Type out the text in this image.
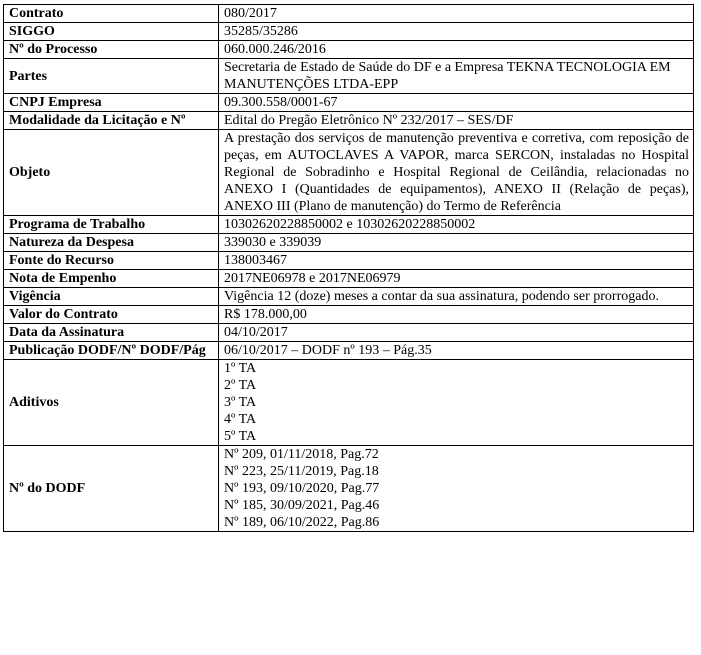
Contrato	080/2017
SIGGO	35285/35286
Nº do Processo	060.000.246/2016
Partes	Secretaria de Estado de Saúde do DF e a Empresa TEKNA TECNOLOGIA EM MANUTENÇÕES LTDA-EPP
CNPJ Empresa	09.300.558/0001-67
Modalidade da Licitação e Nº	Edital do Pregão Eletrônico Nº 232/2017 – SES/DF
Objeto	A prestação dos serviços de manutenção preventiva e corretiva, com reposição de peças, em AUTOCLAVES A VAPOR, marca SERCON, instaladas no Hospital Regional de Sobradinho e Hospital Regional de Ceilândia, relacionadas no ANEXO I (Quantidades de equipamentos), ANEXO II (Relação de peças), ANEXO III (Plano de manutenção) do Termo de Referência
Programa de Trabalho	10302620228850002 e 10302620228850002
Natureza da Despesa	339030 e 339039
Fonte do Recurso	138003467
Nota de Empenho	2017NE06978 e 2017NE06979
Vigência	Vigência 12 (doze) meses a contar da sua assinatura, podendo ser prorrogado.
Valor do Contrato	R$ 178.000,00
Data da Assinatura	04/10/2017
Publicação DODF/Nº DODF/Pág	06/10/2017 – DODF nº 193 – Pág.35
Aditivos	1º TA
2º TA
3º TA
4º TA
5º TA

Nº do DODF	Nº 209, 01/11/2018, Pag.72
Nº 223, 25/11/2019, Pag.18
Nº 193, 09/10/2020, Pag.77
Nº 185, 30/09/2021, Pag.46
Nº 189, 06/10/2022, Pag.86
